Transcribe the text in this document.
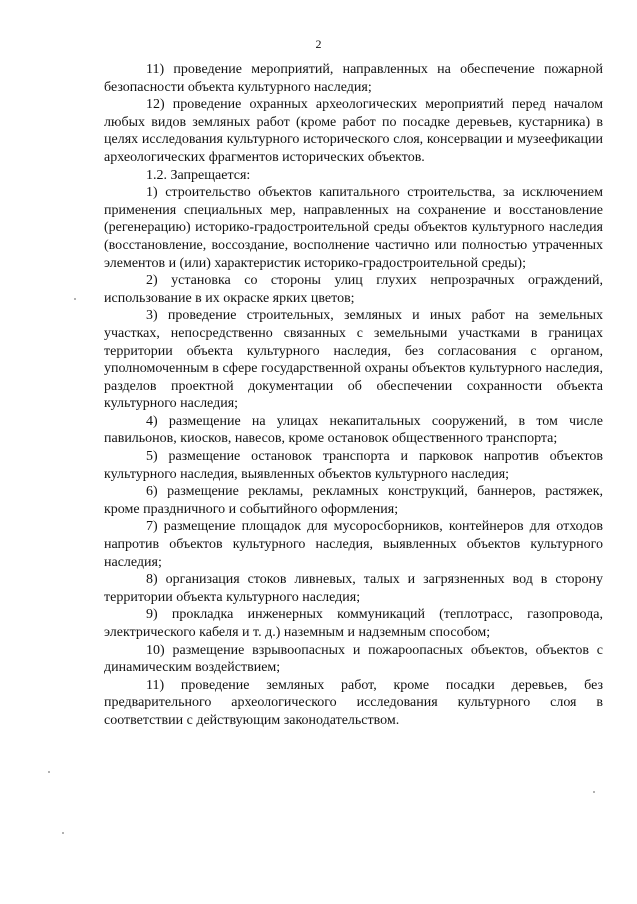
2

11) проведение мероприятий, направленных на обеспечение пожарной безопасности объекта культурного наследия;

12) проведение охранных археологических мероприятий перед началом любых видов земляных работ (кроме работ по посадке деревьев, кустарника) в целях исследования культурного исторического слоя, консервации и музеефикации археологических фрагментов исторических объектов.

1.2. Запрещается:

1) строительство объектов капитального строительства, за исключением применения специальных мер, направленных на сохранение и восстановление (регенерацию) историко-градостроительной среды объектов культурного наследия (восстановление, воссоздание, восполнение частично или полностью утраченных элементов и (или) характеристик историко-градостроительной среды);

2) установка со стороны улиц глухих непрозрачных ограждений, использование в их окраске ярких цветов;

3) проведение строительных, земляных и иных работ на земельных участках, непосредственно связанных с земельными участками в границах территории объекта культурного наследия, без согласования с органом, уполномоченным в сфере государственной охраны объектов культурного наследия, разделов проектной документации об обеспечении сохранности объекта культурного наследия;

4) размещение на улицах некапитальных сооружений, в том числе павильонов, киосков, навесов, кроме остановок общественного транспорта;

5) размещение остановок транспорта и парковок напротив объектов культурного наследия, выявленных объектов культурного наследия;

6) размещение рекламы, рекламных конструкций, баннеров, растяжек, кроме праздничного и событийного оформления;

7) размещение площадок для мусоросборников, контейнеров для отходов напротив объектов культурного наследия, выявленных объектов культурного наследия;

8) организация стоков ливневых, талых и загрязненных вод в сторону территории объекта культурного наследия;

9) прокладка инженерных коммуникаций (теплотрасс, газопровода, электрического кабеля и т. д.) наземным и надземным способом;

10) размещение взрывоопасных и пожароопасных объектов, объектов с динамическим воздействием;

11) проведение земляных работ, кроме посадки деревьев, без предварительного археологического исследования культурного слоя в соответствии с действующим законодательством.
